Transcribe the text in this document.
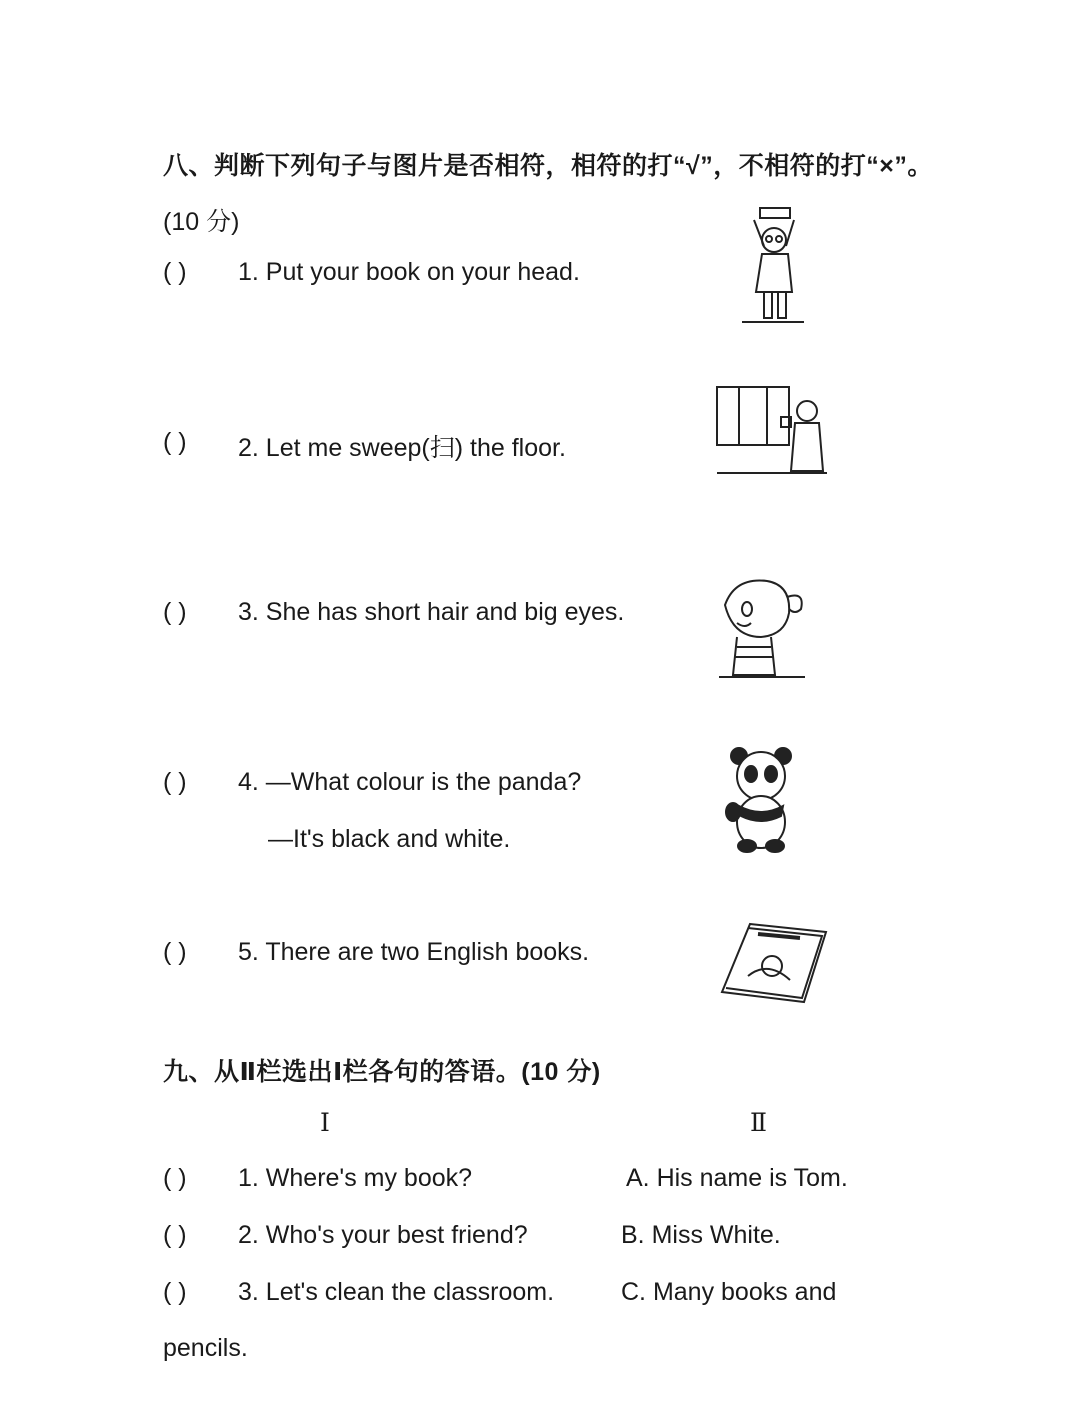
八、判断下列句子与图片是否相符，相符的打“√”，不相符的打“×”。
(10 分)
( ) 1. Put your book on your head.
( ) 2. Let me sweep(扫) the floor.
( ) 3. She has short hair and big eyes.
( ) 4. —What colour is the panda?
—It's black and white.
( ) 5. There are two English books.
九、从Ⅱ栏选出Ⅰ栏各句的答语。(10 分)
Ⅰ	Ⅱ
( ) 1. Where's my book?	A. His name is Tom.
( ) 2. Who's your best friend?	B. Miss White.
( ) 3. Let's clean the classroom.	C. Many books and
pencils.
